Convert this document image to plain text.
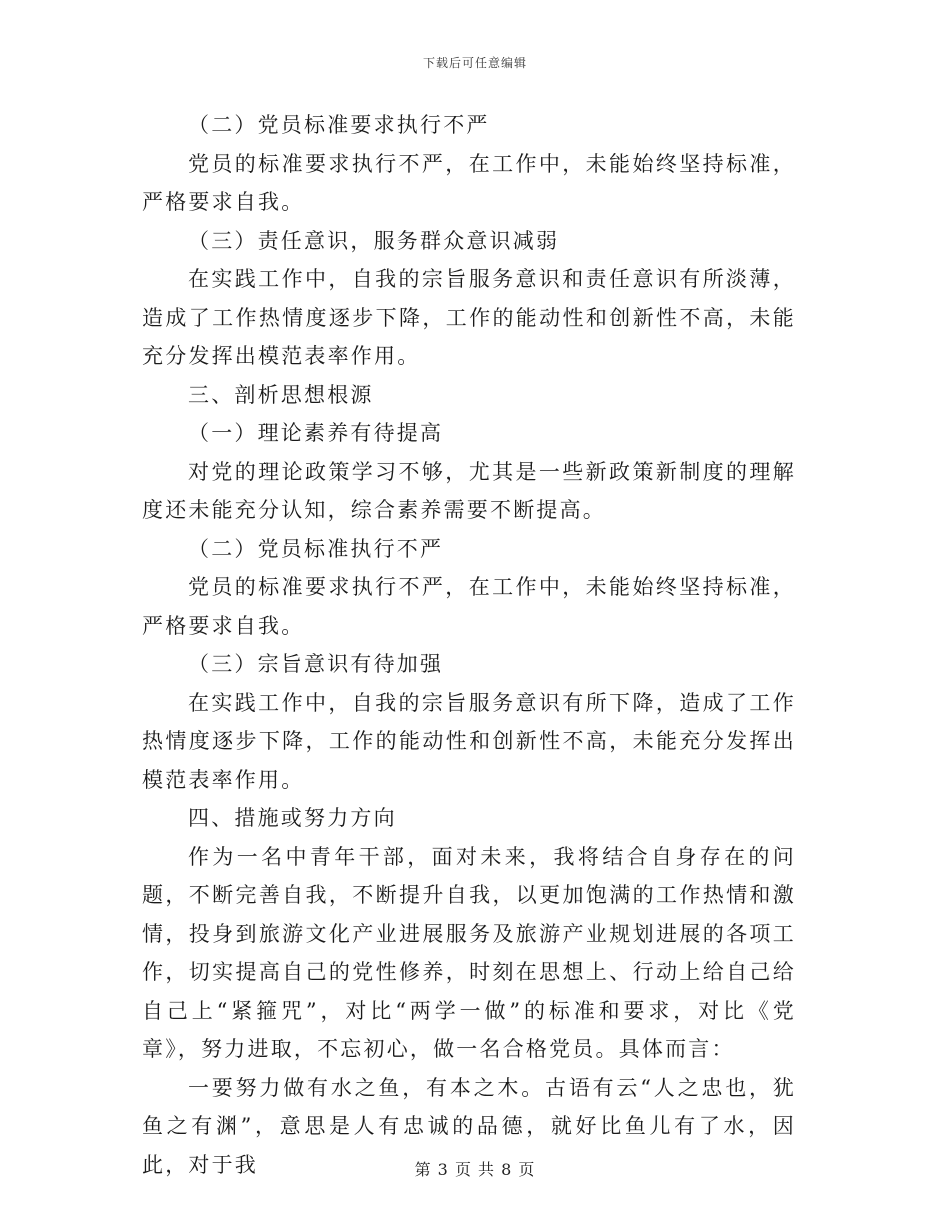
下载后可任意编辑

（二）党员标准要求执行不严

党员的标准要求执行不严，在工作中，未能始终坚持标准，严格要求自我。

（三）责任意识，服务群众意识减弱

在实践工作中，自我的宗旨服务意识和责任意识有所淡薄，造成了工作热情度逐步下降，工作的能动性和创新性不高，未能充分发挥出模范表率作用。

三、剖析思想根源

（一）理论素养有待提高

对党的理论政策学习不够，尤其是一些新政策新制度的理解度还未能充分认知，综合素养需要不断提高。

（二）党员标准执行不严

党员的标准要求执行不严，在工作中，未能始终坚持标准，严格要求自我。

（三）宗旨意识有待加强

在实践工作中，自我的宗旨服务意识有所下降，造成了工作热情度逐步下降，工作的能动性和创新性不高，未能充分发挥出模范表率作用。

四、措施或努力方向

作为一名中青年干部，面对未来，我将结合自身存在的问题，不断完善自我，不断提升自我，以更加饱满的工作热情和激情，投身到旅游文化产业进展服务及旅游产业规划进展的各项工作，切实提高自己的党性修养，时刻在思想上、行动上给自己给自己上“紧箍咒”，对比“两学一做”的标准和要求，对比《党章》，努力进取，不忘初心，做一名合格党员。具体而言：

一要努力做有水之鱼，有本之木。古语有云“人之忠也，犹鱼之有渊”，意思是人有忠诚的品德，就好比鱼儿有了水，因此，对于我	第 3 页 共 8 页
